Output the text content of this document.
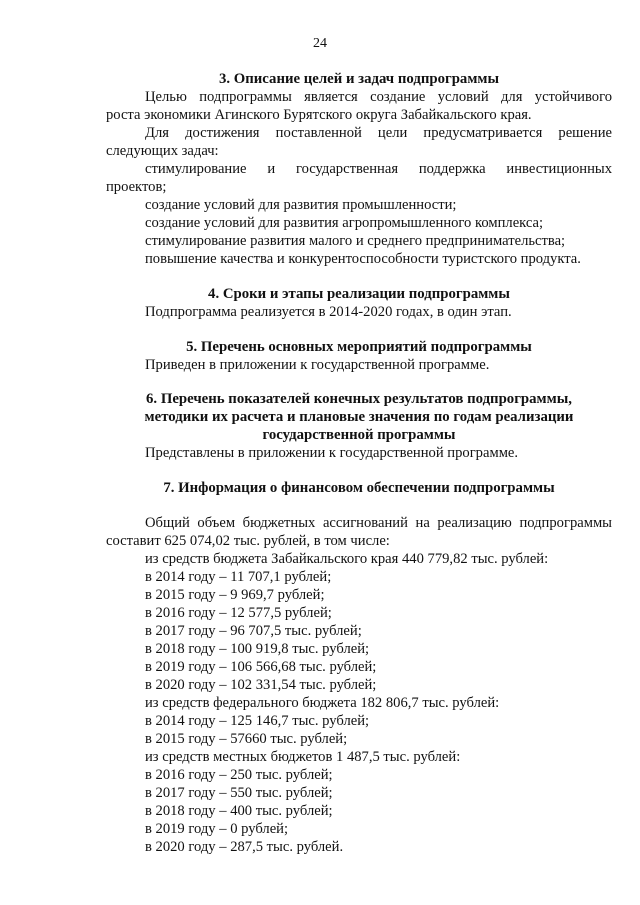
24
3. Описание целей и задач подпрограммы
Целью подпрограммы является создание условий для устойчивого
роста экономики Агинского Бурятского округа Забайкальского края.
Для достижения поставленной цели предусматривается решение
следующих задач:
стимулирование и государственная поддержка инвестиционных
проектов;
создание условий для развития промышленности;
создание условий для развития агропромышленного комплекса;
стимулирование развития малого и среднего предпринимательства;
повышение качества и конкурентоспособности туристского продукта.
4. Сроки и этапы реализации подпрограммы
Подпрограмма реализуется в 2014-2020 годах, в один этап.
5. Перечень основных мероприятий подпрограммы
Приведен в приложении к государственной программе.
6. Перечень показателей конечных результатов подпрограммы,
методики их расчета и плановые значения по годам реализации
государственной программы
Представлены в приложении к государственной программе.
7. Информация о финансовом обеспечении подпрограммы
Общий объем бюджетных ассигнований на реализацию подпрограммы
составит 625 074,02 тыс. рублей, в том числе:
из средств бюджета Забайкальского края 440 779,82 тыс. рублей:
в 2014 году – 11 707,1 рублей;
в 2015 году – 9 969,7 рублей;
в 2016 году – 12 577,5 рублей;
в 2017 году – 96 707,5 тыс. рублей;
в 2018 году – 100 919,8 тыс. рублей;
в 2019 году – 106 566,68 тыс. рублей;
в 2020 году – 102 331,54 тыс. рублей;
из средств федерального бюджета 182 806,7 тыс. рублей:
в 2014 году – 125 146,7 тыс. рублей;
в 2015 году – 57660 тыс. рублей;
из средств местных бюджетов 1 487,5 тыс. рублей:
в 2016 году – 250 тыс. рублей;
в 2017 году – 550 тыс. рублей;
в 2018 году – 400 тыс. рублей;
в 2019 году – 0 рублей;
в 2020 году – 287,5 тыс. рублей.
